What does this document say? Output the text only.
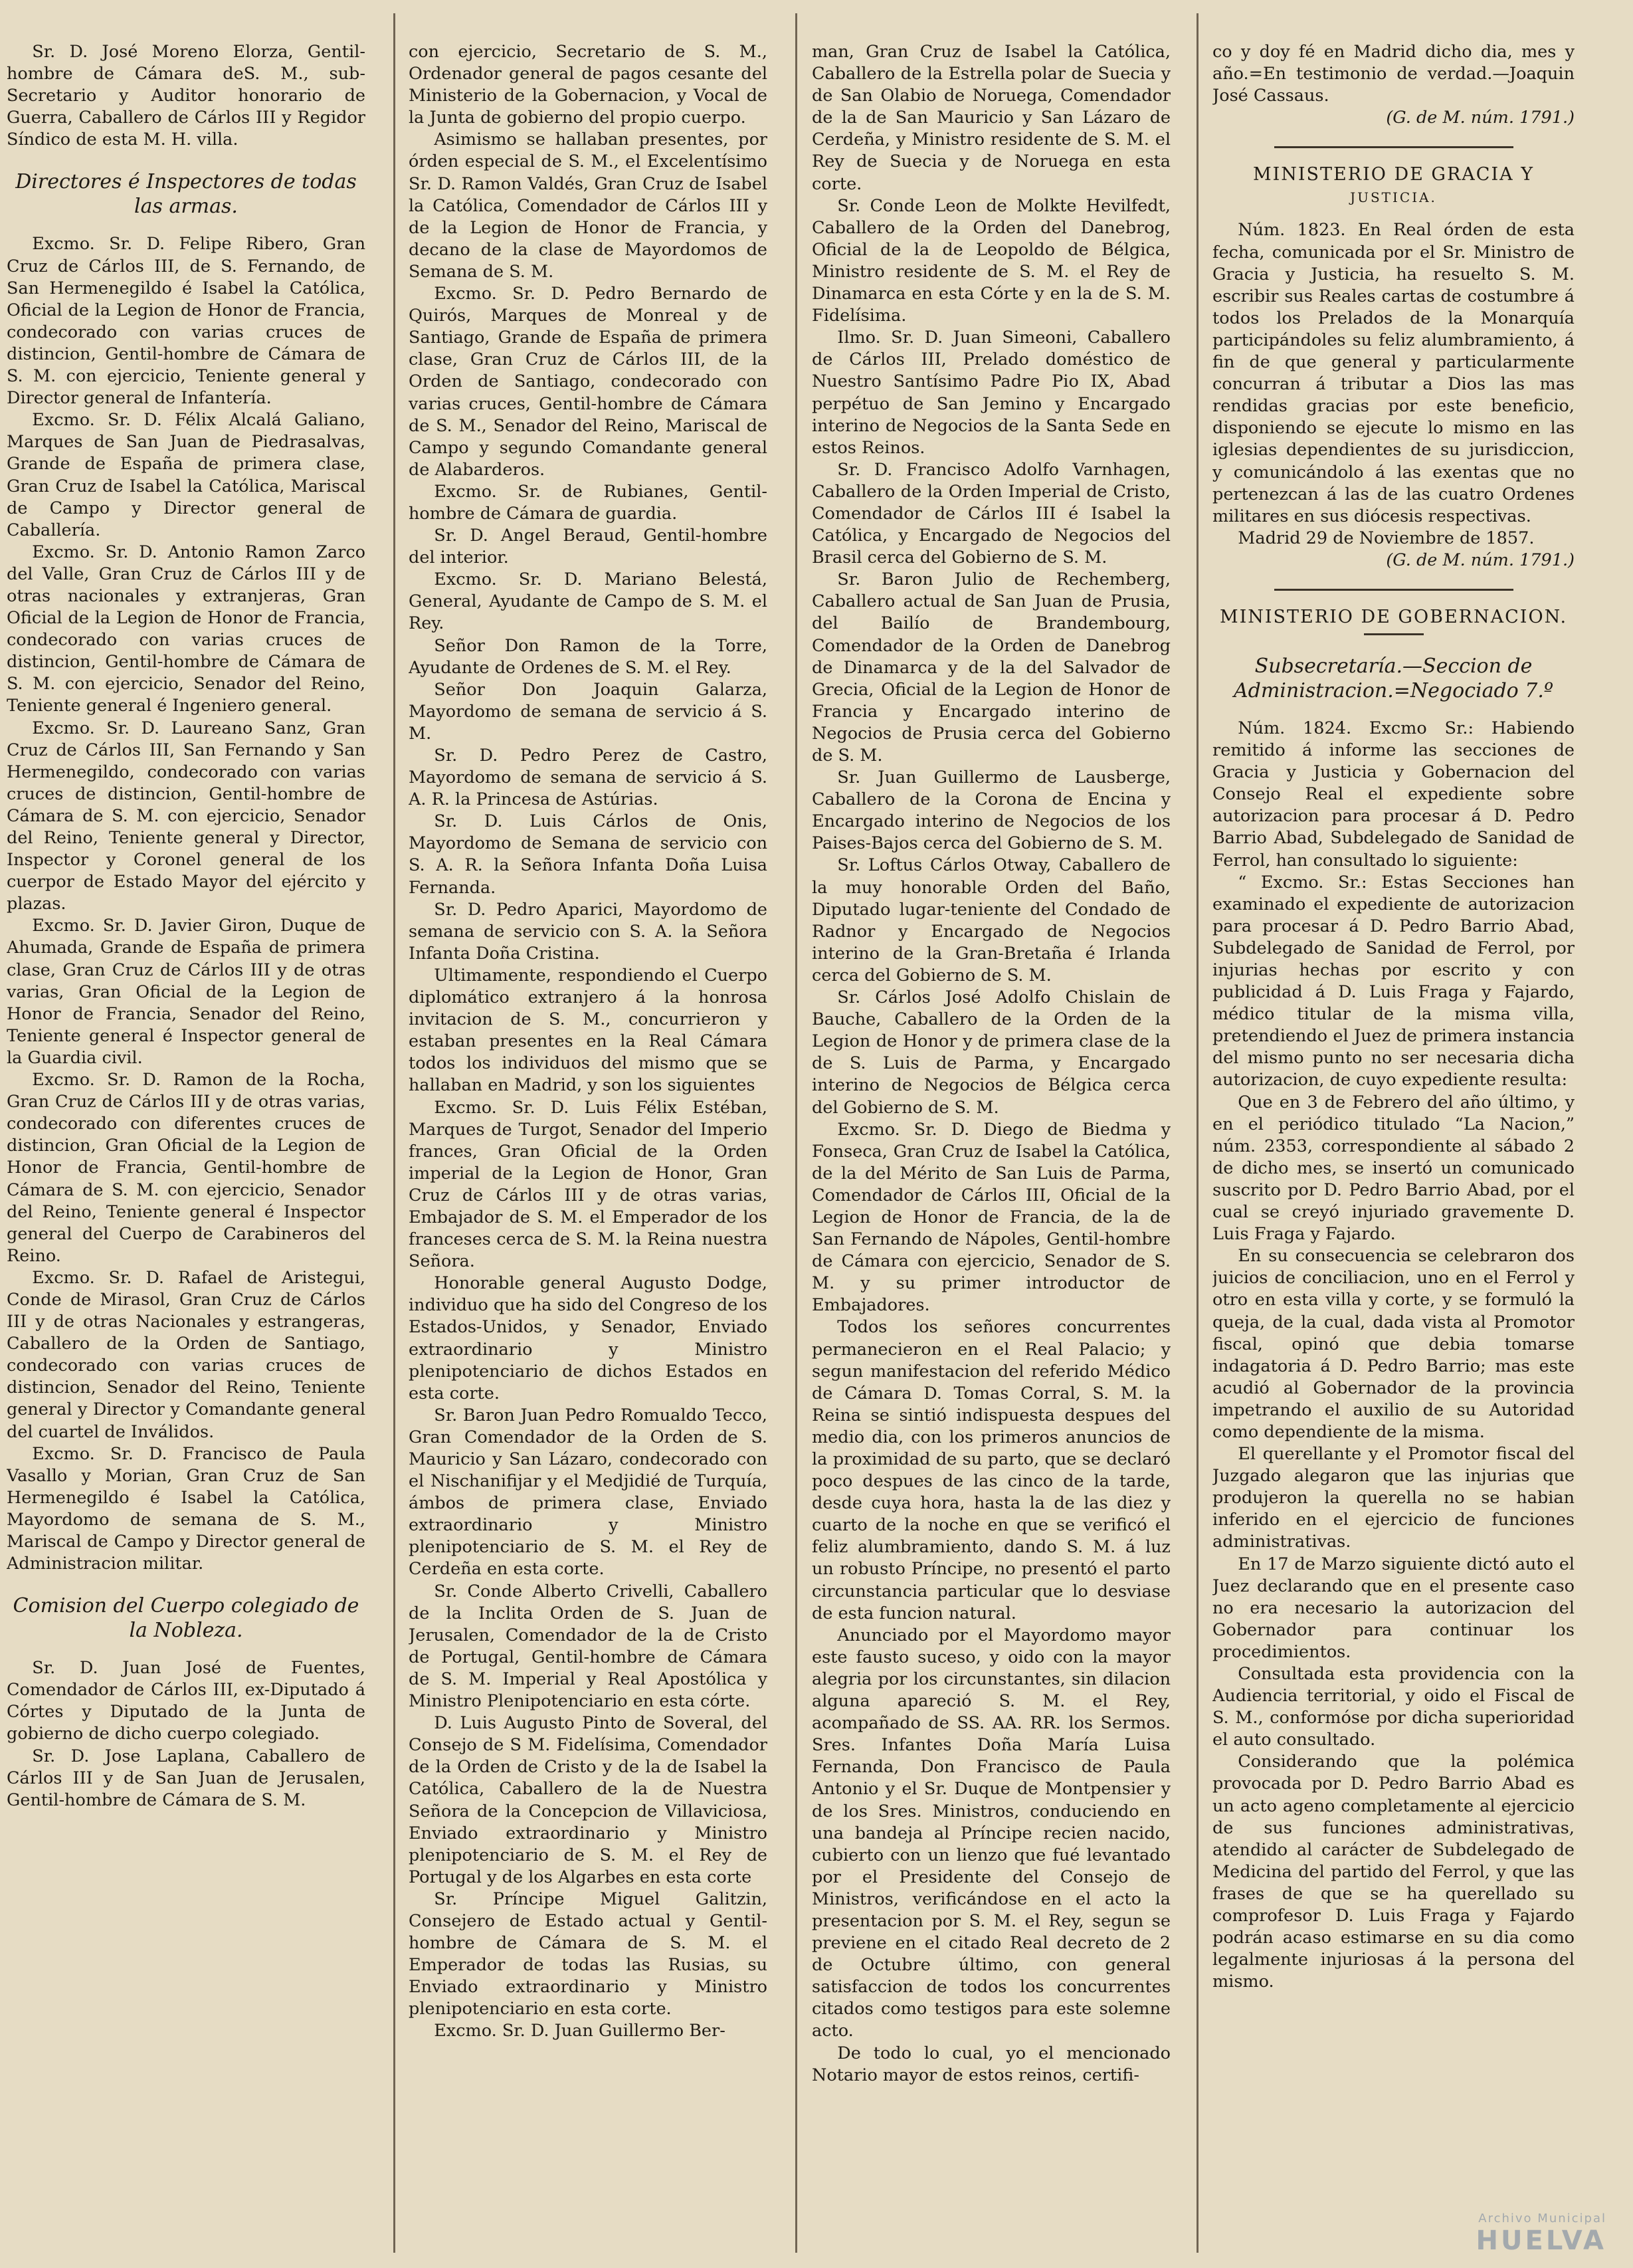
Sr. D. José Moreno Elorza, Gentil-hombre de Cámara deS. M., sub-Secretario y Auditor honorario de Guerra, Caballero de Cárlos III y Regidor Síndico de esta M. H. villa.

Directores é Inspectores de todas las armas.

Excmo. Sr. D. Felipe Ribero, Gran Cruz de Cárlos III, de S. Fernando, de San Hermenegildo é Isabel la Católica, Oficial de la Legion de Honor de Francia, condecorado con varias cruces de distincion, Gentil-hombre de Cámara de S. M. con ejercicio, Teniente general y Director general de Infantería.

Excmo. Sr. D. Félix Alcalá Galiano, Marques de San Juan de Piedrasalvas, Grande de España de primera clase, Gran Cruz de Isabel la Católica, Mariscal de Campo y Director general de Caballería.

Excmo. Sr. D. Antonio Ramon Zarco del Valle, Gran Cruz de Cárlos III y de otras nacionales y extranjeras, Gran Oficial de la Legion de Honor de Francia, condecorado con varias cruces de distincion, Gentil-hombre de Cámara de S. M. con ejercicio, Senador del Reino, Teniente general é Ingeniero general.

Excmo. Sr. D. Laureano Sanz, Gran Cruz de Cárlos III, San Fernando y San Hermenegildo, condecorado con varias cruces de distincion, Gentil-hombre de Cámara de S. M. con ejercicio, Senador del Reino, Teniente general y Director, Inspector y Coronel general de los cuerpor de Estado Mayor del ejército y plazas.

Excmo. Sr. D. Javier Giron, Duque de Ahumada, Grande de España de primera clase, Gran Cruz de Cárlos III y de otras varias, Gran Oficial de la Legion de Honor de Francia, Senador del Reino, Teniente general é Inspector general de la Guardia civil.

Excmo. Sr. D. Ramon de la Rocha, Gran Cruz de Cárlos III y de otras varias, condecorado con diferentes cruces de distincion, Gran Oficial de la Legion de Honor de Francia, Gentil-hombre de Cámara de S. M. con ejercicio, Senador del Reino, Teniente general é Inspector general del Cuerpo de Carabineros del Reino.

Excmo. Sr. D. Rafael de Aristegui, Conde de Mirasol, Gran Cruz de Cárlos III y de otras Nacionales y estrangeras, Caballero de la Orden de Santiago, condecorado con varias cruces de distincion, Senador del Reino, Teniente general y Director y Comandante general del cuartel de Inválidos.

Excmo. Sr. D. Francisco de Paula Vasallo y Morian, Gran Cruz de San Hermenegildo é Isabel la Católica, Mayordomo de semana de S. M., Mariscal de Campo y Director general de Administracion militar.

Comision del Cuerpo colegiado de la Nobleza.

Sr. D. Juan José de Fuentes, Comendador de Cárlos III, ex-Diputado á Córtes y Diputado de la Junta de gobierno de dicho cuerpo colegiado.

Sr. D. Jose Laplana, Caballero de Cárlos III y de San Juan de Jerusalen, Gentil-hombre de Cámara de S. M.

con ejercicio, Secretario de S. M., Ordenador general de pagos cesante del Ministerio de la Gobernacion, y Vocal de la Junta de gobierno del propio cuerpo.

Asimismo se hallaban presentes, por órden especial de S. M., el Excelentísimo Sr. D. Ramon Valdés, Gran Cruz de Isabel la Católica, Comendador de Cárlos III y de la Legion de Honor de Francia, y decano de la clase de Mayordomos de Semana de S. M.

Excmo. Sr. D. Pedro Bernardo de Quirós, Marques de Monreal y de Santiago, Grande de España de primera clase, Gran Cruz de Cárlos III, de la Orden de Santiago, condecorado con varias cruces, Gentil-hombre de Cámara de S. M., Senador del Reino, Mariscal de Campo y segundo Comandante general de Alabarderos.

Excmo. Sr. de Rubianes, Gentil-hombre de Cámara de guardia.

Sr. D. Angel Beraud, Gentil-hombre del interior.

Excmo. Sr. D. Mariano Belestá, General, Ayudante de Campo de S. M. el Rey.

Señor Don Ramon de la Torre, Ayudante de Ordenes de S. M. el Rey.

Señor Don Joaquin Galarza, Mayordomo de semana de servicio á S. M.

Sr. D. Pedro Perez de Castro, Mayordomo de semana de servicio á S. A. R. la Princesa de Astúrias.

Sr. D. Luis Cárlos de Onis, Mayordomo de Semana de servicio con S. A. R. la Señora Infanta Doña Luisa Fernanda.

Sr. D. Pedro Aparici, Mayordomo de semana de servicio con S. A. la Señora Infanta Doña Cristina.

Ultimamente, respondiendo el Cuerpo diplomático extranjero á la honrosa invitacion de S. M., concurrieron y estaban presentes en la Real Cámara todos los individuos del mismo que se hallaban en Madrid, y son los siguientes

Excmo. Sr. D. Luis Félix Estéban, Marques de Turgot, Senador del Imperio frances, Gran Oficial de la Orden imperial de la Legion de Honor, Gran Cruz de Cárlos III y de otras varias, Embajador de S. M. el Emperador de los franceses cerca de S. M. la Reina nuestra Señora.

Honorable general Augusto Dodge, individuo que ha sido del Congreso de los Estados-Unidos, y Senador, Enviado extraordinario y Ministro plenipotenciario de dichos Estados en esta corte.

Sr. Baron Juan Pedro Romualdo Tecco, Gran Comendador de la Orden de S. Mauricio y San Lázaro, condecorado con el Nischanifijar y el Medjidié de Turquía, ámbos de primera clase, Enviado extraordinario y Ministro plenipotenciario de S. M. el Rey de Cerdeña en esta corte.

Sr. Conde Alberto Crivelli, Caballero de la Inclita Orden de S. Juan de Jerusalen, Comendador de la de Cristo de Portugal, Gentil-hombre de Cámara de S. M. Imperial y Real Apostólica y Ministro Plenipotenciario en esta córte.

D. Luis Augusto Pinto de Soveral, del Consejo de S M. Fidelísima, Comendador de la Orden de Cristo y de la de Isabel la Católica, Caballero de la de Nuestra Señora de la Concepcion de Villaviciosa, Enviado extraordinario y Ministro plenipotenciario de S. M. el Rey de Portugal y de los Algarbes en esta corte

Sr. Príncipe Miguel Galitzin, Consejero de Estado actual y Gentil-hombre de Cámara de S. M. el Emperador de todas las Rusias, su Enviado extraordinario y Ministro plenipotenciario en esta corte.

Excmo. Sr. D. Juan Guillermo Ber-

man, Gran Cruz de Isabel la Católica, Caballero de la Estrella polar de Suecia y de San Olabio de Noruega, Comendador de la de San Mauricio y San Lázaro de Cerdeña, y Ministro residente de S. M. el Rey de Suecia y de Noruega en esta corte.

Sr. Conde Leon de Molkte Hevilfedt, Caballero de la Orden del Danebrog, Oficial de la de Leopoldo de Bélgica, Ministro residente de S. M. el Rey de Dinamarca en esta Córte y en la de S. M. Fidelísima.

Ilmo. Sr. D. Juan Simeoni, Caballero de Cárlos III, Prelado doméstico de Nuestro Santísimo Padre Pio IX, Abad perpétuo de San Jemino y Encargado interino de Negocios de la Santa Sede en estos Reinos.

Sr. D. Francisco Adolfo Varnhagen, Caballero de la Orden Imperial de Cristo, Comendador de Cárlos III é Isabel la Católica, y Encargado de Negocios del Brasil cerca del Gobierno de S. M.

Sr. Baron Julio de Rechemberg, Caballero actual de San Juan de Prusia, del Bailío de Brandembourg, Comendador de la Orden de Danebrog de Dinamarca y de la del Salvador de Grecia, Oficial de la Legion de Honor de Francia y Encargado interino de Negocios de Prusia cerca del Gobierno de S. M.

Sr. Juan Guillermo de Lausberge, Caballero de la Corona de Encina y Encargado interino de Negocios de los Paises-Bajos cerca del Gobierno de S. M.

Sr. Loftus Cárlos Otway, Caballero de la muy honorable Orden del Baño, Diputado lugar-teniente del Condado de Radnor y Encargado de Negocios interino de la Gran-Bretaña é Irlanda cerca del Gobierno de S. M.

Sr. Cárlos José Adolfo Chislain de Bauche, Caballero de la Orden de la Legion de Honor y de primera clase de la de S. Luis de Parma, y Encargado interino de Negocios de Bélgica cerca del Gobierno de S. M.

Excmo. Sr. D. Diego de Biedma y Fonseca, Gran Cruz de Isabel la Católica, de la del Mérito de San Luis de Parma, Comendador de Cárlos III, Oficial de la Legion de Honor de Francia, de la de San Fernando de Nápoles, Gentil-hombre de Cámara con ejercicio, Senador de S. M. y su primer introductor de Embajadores.

Todos los señores concurrentes permanecieron en el Real Palacio; y segun manifestacion del referido Médico de Cámara D. Tomas Corral, S. M. la Reina se sintió indispuesta despues del medio dia, con los primeros anuncios de la proximidad de su parto, que se declaró poco despues de las cinco de la tarde, desde cuya hora, hasta la de las diez y cuarto de la noche en que se verificó el feliz alumbramiento, dando S. M. á luz un robusto Príncipe, no presentó el parto circunstancia particular que lo desviase de esta funcion natural.

Anunciado por el Mayordomo mayor este fausto suceso, y oido con la mayor alegria por los circunstantes, sin dilacion alguna apareció S. M. el Rey, acompañado de SS. AA. RR. los Sermos. Sres. Infantes Doña María Luisa Fernanda, Don Francisco de Paula Antonio y el Sr. Duque de Montpensier y de los Sres. Ministros, conduciendo en una bandeja al Príncipe recien nacido, cubierto con un lienzo que fué levantado por el Presidente del Consejo de Ministros, verificándose en el acto la presentacion por S. M. el Rey, segun se previene en el citado Real decreto de 2 de Octubre último, con general satisfaccion de todos los concurrentes citados como testigos para este solemne acto.

De todo lo cual, yo el mencionado Notario mayor de estos reinos, certifi-

co y doy fé en Madrid dicho dia, mes y año.=En testimonio de verdad.—Joaquin José Cassaus.

(G. de M. núm. 1791.)

MINISTERIO DE GRACIA Y

JUSTICIA.

Núm. 1823. En Real órden de esta fecha, comunicada por el Sr. Ministro de Gracia y Justicia, ha resuelto S. M. escribir sus Reales cartas de costumbre á todos los Prelados de la Monarquía participándoles su feliz alumbramiento, á fin de que general y particularmente concurran á tributar a Dios las mas rendidas gracias por este beneficio, disponiendo se ejecute lo mismo en las iglesias dependientes de su jurisdiccion, y comunicándolo á las exentas que no pertenezcan á las de las cuatro Ordenes militares en sus diócesis respectivas.

Madrid 29 de Noviembre de 1857.

(G. de M. núm. 1791.)

MINISTERIO DE GOBERNACION.

Subsecretaría.—Seccion de Administracion.=Negociado 7.º

Núm. 1824. Excmo Sr.: Habiendo remitido á informe las secciones de Gracia y Justicia y Gobernacion del Consejo Real el expediente sobre autorizacion para procesar á D. Pedro Barrio Abad, Subdelegado de Sanidad de Ferrol, han consultado lo siguiente:

“ Excmo. Sr.: Estas Secciones han examinado el expediente de autorizacion para procesar á D. Pedro Barrio Abad, Subdelegado de Sanidad de Ferrol, por injurias hechas por escrito y con publicidad á D. Luis Fraga y Fajardo, médico titular de la misma villa, pretendiendo el Juez de primera instancia del mismo punto no ser necesaria dicha autorizacion, de cuyo expediente resulta:

Que en 3 de Febrero del año último, y en el periódico titulado “La Nacion,” núm. 2353, correspondiente al sábado 2 de dicho mes, se insertó un comunicado suscrito por D. Pedro Barrio Abad, por el cual se creyó injuriado gravemente D. Luis Fraga y Fajardo.

En su consecuencia se celebraron dos juicios de conciliacion, uno en el Ferrol y otro en esta villa y corte, y se formuló la queja, de la cual, dada vista al Promotor fiscal, opinó que debia tomarse indagatoria á D. Pedro Barrio; mas este acudió al Gobernador de la provincia impetrando el auxilio de su Autoridad como dependiente de la misma.

El querellante y el Promotor fiscal del Juzgado alegaron que las injurias que produjeron la querella no se habian inferido en el ejercicio de funciones administrativas.

En 17 de Marzo siguiente dictó auto el Juez declarando que en el presente caso no era necesario la autorizacion del Gobernador para continuar los procedimientos.

Consultada esta providencia con la Audiencia territorial, y oido el Fiscal de S. M., conformóse por dicha superioridad el auto consultado.

Considerando que la polémica provocada por D. Pedro Barrio Abad es un acto ageno completamente al ejercicio de sus funciones administrativas, atendido al carácter de Subdelegado de Medicina del partido del Ferrol, y que las frases de que se ha querellado su comprofesor D. Luis Fraga y Fajardo podrán acaso estimarse en su dia como legalmente injuriosas á la persona del mismo.

Archivo Municipal
HUELVA
